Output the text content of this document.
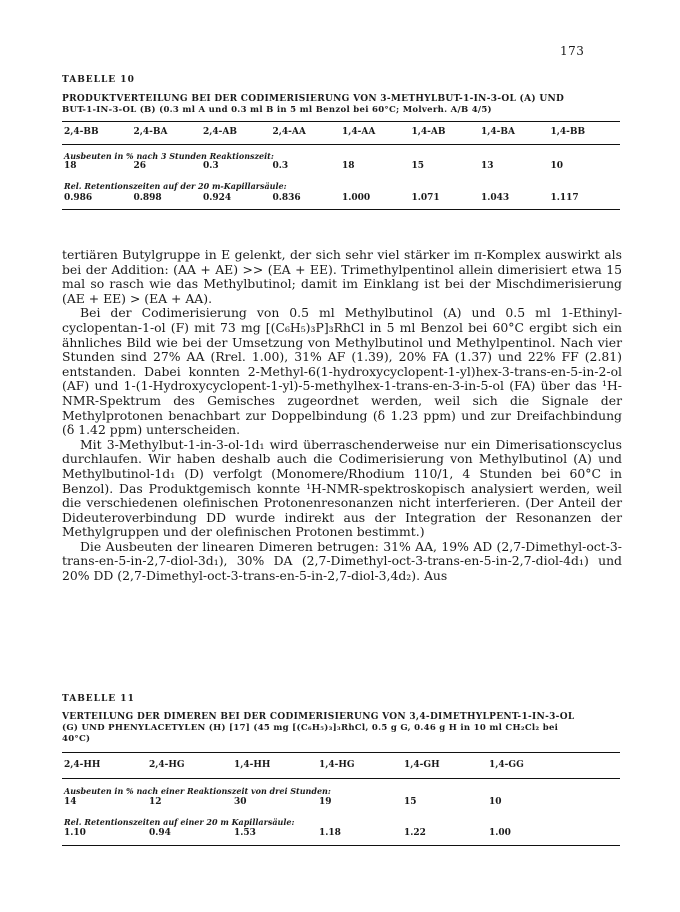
173
TABELLE 10
PRODUKTVERTEILUNG BEI DER CODIMERISIERUNG VON 3-METHYLBUT-1-IN-3-OL (A) UND
BUT-1-IN-3-OL (B) (0.3 ml A und 0.3 ml B in 5 ml Benzol bei 60°C; Molverh. A/B 4/5)
2,4-BB	2,4-BA	2,4-AB	2,4-AA	1,4-AA	1,4-AB	1,4-BA	1,4-BB
Ausbeuten in % nach 3 Stunden Reaktionszeit:
18	26	0.3	0.3	18	15	13	10
Rel. Retentionszeiten auf der 20 m-Kapillarsäule:
0.986	0.898	0.924	0.836	1.000	1.071	1.043	1.117

tertiären Butylgruppe in E gelenkt, der sich sehr viel stärker im π-Komplex auswirkt als bei der Addition: (AA + AE) >> (EA + EE). Trimethylpentinol allein dimerisiert etwa 15 mal so rasch wie das Methylbutinol; damit im Einklang ist bei der Mischdimerisierung (AE + EE) > (EA + AA).

Bei der Codimerisierung von 0.5 ml Methylbutinol (A) und 0.5 ml 1-Ethinylcyclopentan-1-ol (F) mit 73 mg [(C₆H₅)₃P]₃RhCl in 5 ml Benzol bei 60°C ergibt sich ein ähnliches Bild wie bei der Umsetzung von Methylbutinol und Methylpentinol. Nach vier Stunden sind 27% AA (Rrel. 1.00), 31% AF (1.39), 20% FA (1.37) und 22% FF (2.81) entstanden. Dabei konnten 2-Methyl-6(1-hydroxycyclopent-1-yl)hex-3-trans-en-5-in-2-ol (AF) und 1-(1-Hydroxycyclopent-1-yl)-5-methylhex-1-trans-en-3-in-5-ol (FA) über das ¹H-NMR-Spektrum des Gemisches zugeordnet werden, weil sich die Signale der Methylprotonen benachbart zur Doppelbindung (δ 1.23 ppm) und zur Dreifachbindung (δ 1.42 ppm) unterscheiden.

Mit 3-Methylbut-1-in-3-ol-1d₁ wird überraschenderweise nur ein Dimerisationscyclus durchlaufen. Wir haben deshalb auch die Codimerisierung von Methylbutinol (A) und Methylbutinol-1d₁ (D) verfolgt (Monomere/Rhodium 110/1, 4 Stunden bei 60°C in Benzol). Das Produktgemisch konnte ¹H-NMR-spektroskopisch analysiert werden, weil die verschiedenen olefinischen Protonenresonanzen nicht interferieren. (Der Anteil der Dideuteroverbindung DD wurde indirekt aus der Integration der Resonanzen der Methylgruppen und der olefinischen Protonen bestimmt.)

Die Ausbeuten der linearen Dimeren betrugen: 31% AA, 19% AD (2,7-Dimethyl-oct-3-trans-en-5-in-2,7-diol-3d₁), 30% DA (2,7-Dimethyl-oct-3-trans-en-5-in-2,7-diol-4d₁) und 20% DD (2,7-Dimethyl-oct-3-trans-en-5-in-2,7-diol-3,4d₂). Aus

TABELLE 11
VERTEILUNG DER DIMEREN BEI DER CODIMERISIERUNG VON 3,4-DIMETHYLPENT-1-IN-3-OL
(G) UND PHENYLACETYLEN (H) [17] (45 mg [(C₆H₅)₃]₃RhCl, 0.5 g G, 0.46 g H in 10 ml CH₂Cl₂ bei
40°C)
2,4-HH	2,4-HG	1,4-HH	1,4-HG	1,4-GH	1,4-GG
Ausbeuten in % nach einer Reaktionszeit von drei Stunden:
14	12	30	19	15	10
Rel. Retentionszeiten auf einer 20 m Kapillarsäule:
1.10	0.94	1.53	1.18	1.22	1.00
